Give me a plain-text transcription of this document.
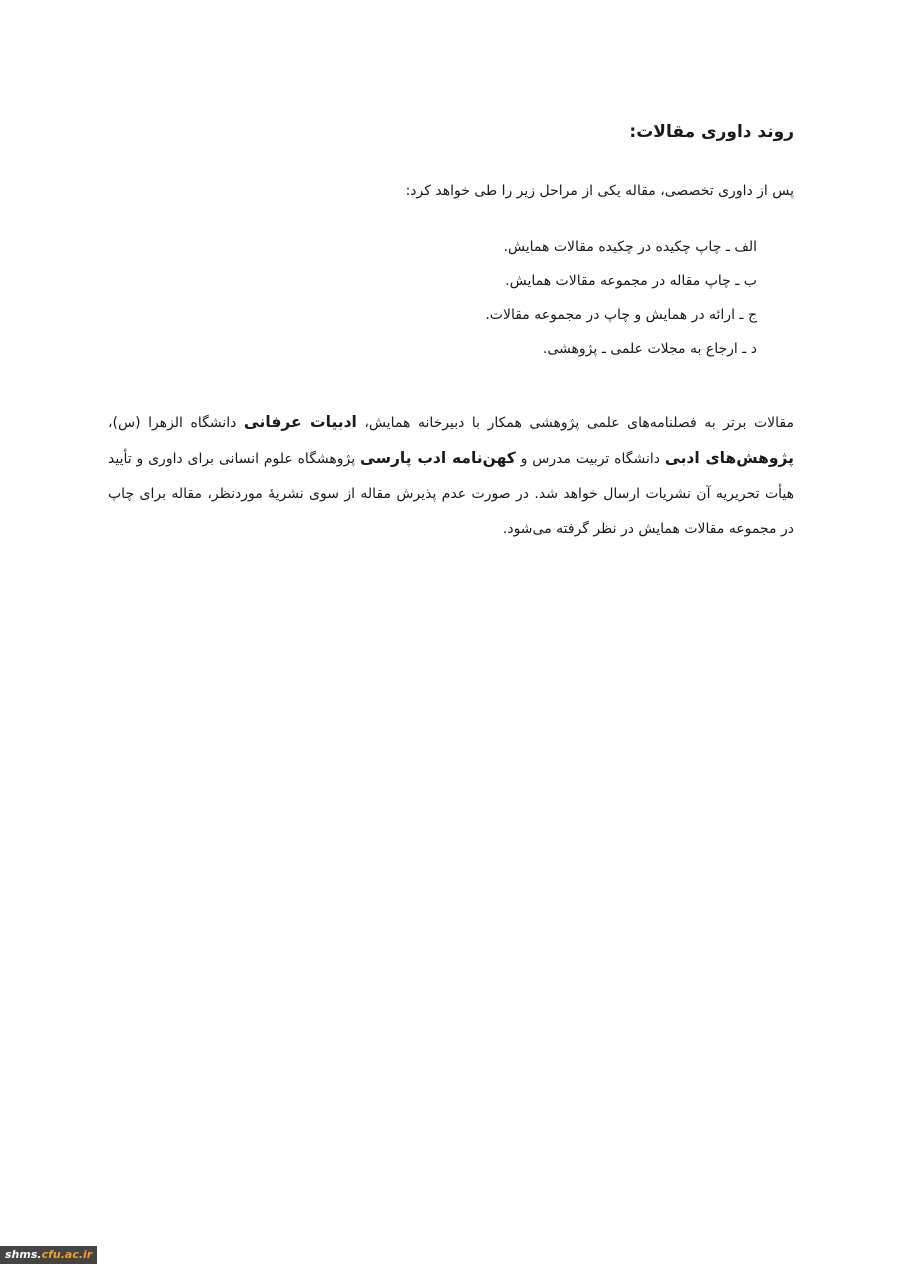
روند داوری مقالات:
پس از داوری تخصصی، مقاله یکی از مراحل زیر را طی خواهد کرد:
الف ـ چاپ چکیده در چکیده مقالات همایش.
ب ـ چاپ مقاله در مجموعه مقالات همایش.
ج ـ ارائه در همایش و چاپ در مجموعه مقالات.
د ـ ارجاع به مجلات علمی ـ پژوهشی.
مقالات برتر به فصلنامه‌های علمی پژوهشی همکار با دبیرخانه همایش، ادبیات عرفانی دانشگاه الزهرا (س)، پژوهش‌های ادبی دانشگاه تربیت مدرس و کهن‌نامه ادب پارسی پژوهشگاه علوم انسانی برای داوری و تأیید هیأت تحریریه آن نشریات ارسال خواهد شد. در صورت عدم پذیرش مقاله از سوی نشریهٔ موردنظر، مقاله برای چاپ در مجموعه مقالات همایش در نظر گرفته می‌شود.
shms.cfu.ac.ir
